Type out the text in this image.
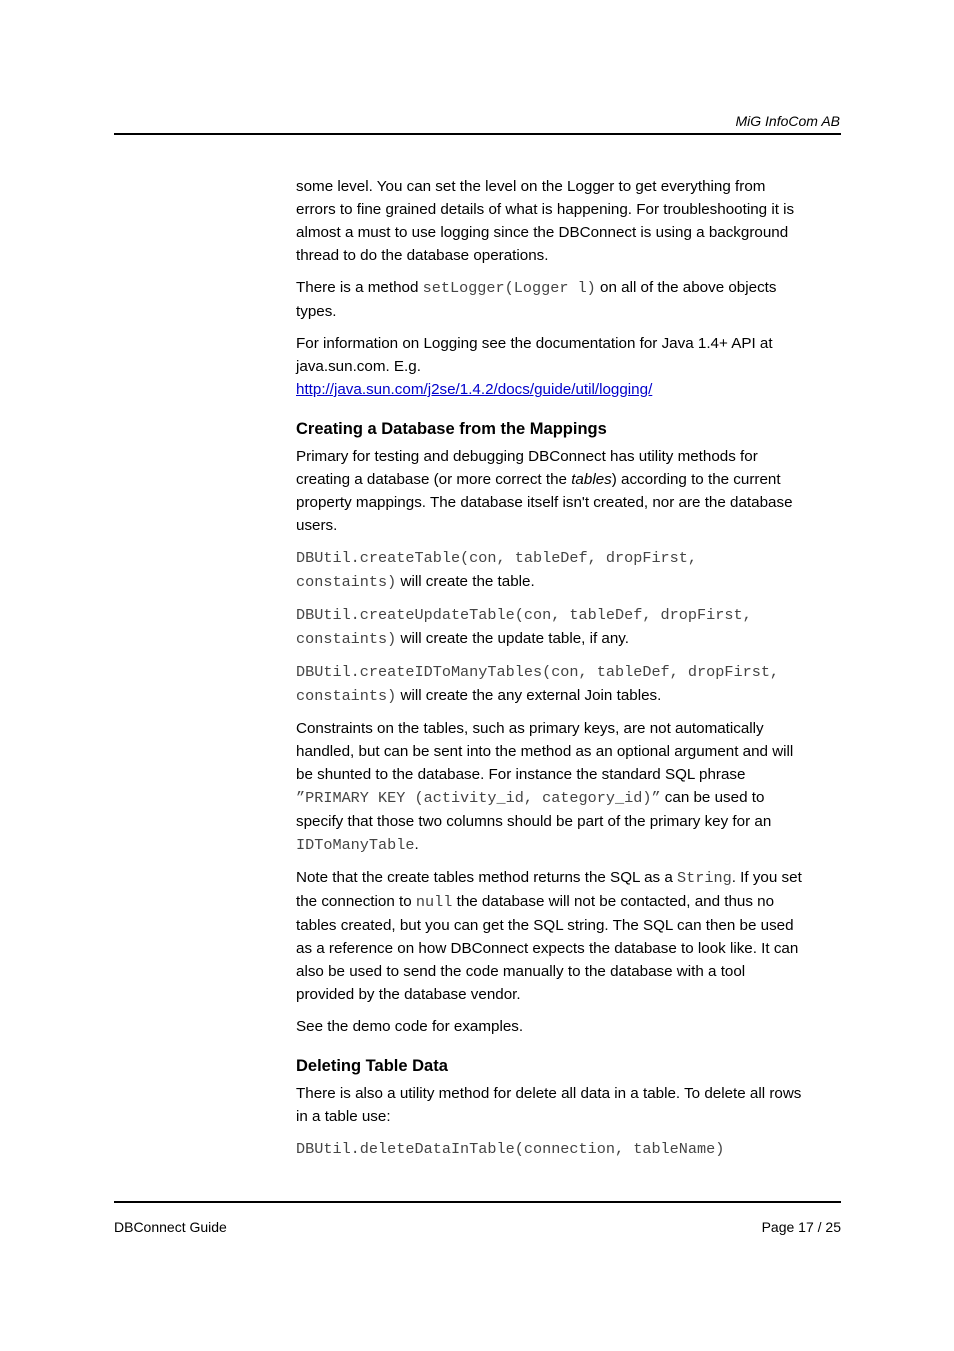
MiG InfoCom AB

some level. You can set the level on the Logger to get everything from errors to fine grained details of what is happening. For troubleshooting it is almost a must to use logging since the DBConnect is using a background thread to do the database operations.

There is a method setLogger(Logger l) on all of the above objects types.

For information on Logging see the documentation for Java 1.4+ API at java.sun.com. E.g.
http://java.sun.com/j2se/1.4.2/docs/guide/util/logging/

Creating a Database from the Mappings

Primary for testing and debugging DBConnect has utility methods for creating a database (or more correct the tables) according to the current property mappings. The database itself isn't created, nor are the database users.

DBUtil.createTable(con, tableDef, dropFirst, constaints) will create the table.

DBUtil.createUpdateTable(con, tableDef, dropFirst, constaints) will create the update table, if any.

DBUtil.createIDToManyTables(con, tableDef, dropFirst, constaints) will create the any external Join tables.

Constraints on the tables, such as primary keys, are not automatically handled, but can be sent into the method as an optional argument and will be shunted to the database. For instance the standard SQL phrase ”PRIMARY KEY (activity_id, category_id)” can be used to specify that those two columns should be part of the primary key for an IDToManyTable.

Note that the create tables method returns the SQL as a String. If you set the connection to null the database will not be contacted, and thus no tables created, but you can get the SQL string. The SQL can then be used as a reference on how DBConnect expects the database to look like. It can also be used to send the code manually to the database with a tool provided by the database vendor.

See the demo code for examples.

Deleting Table Data

There is also a utility method for delete all data in a table. To delete all rows in a table use:

DBUtil.deleteDataInTable(connection, tableName)

DBConnect Guide	Page 17 / 25
